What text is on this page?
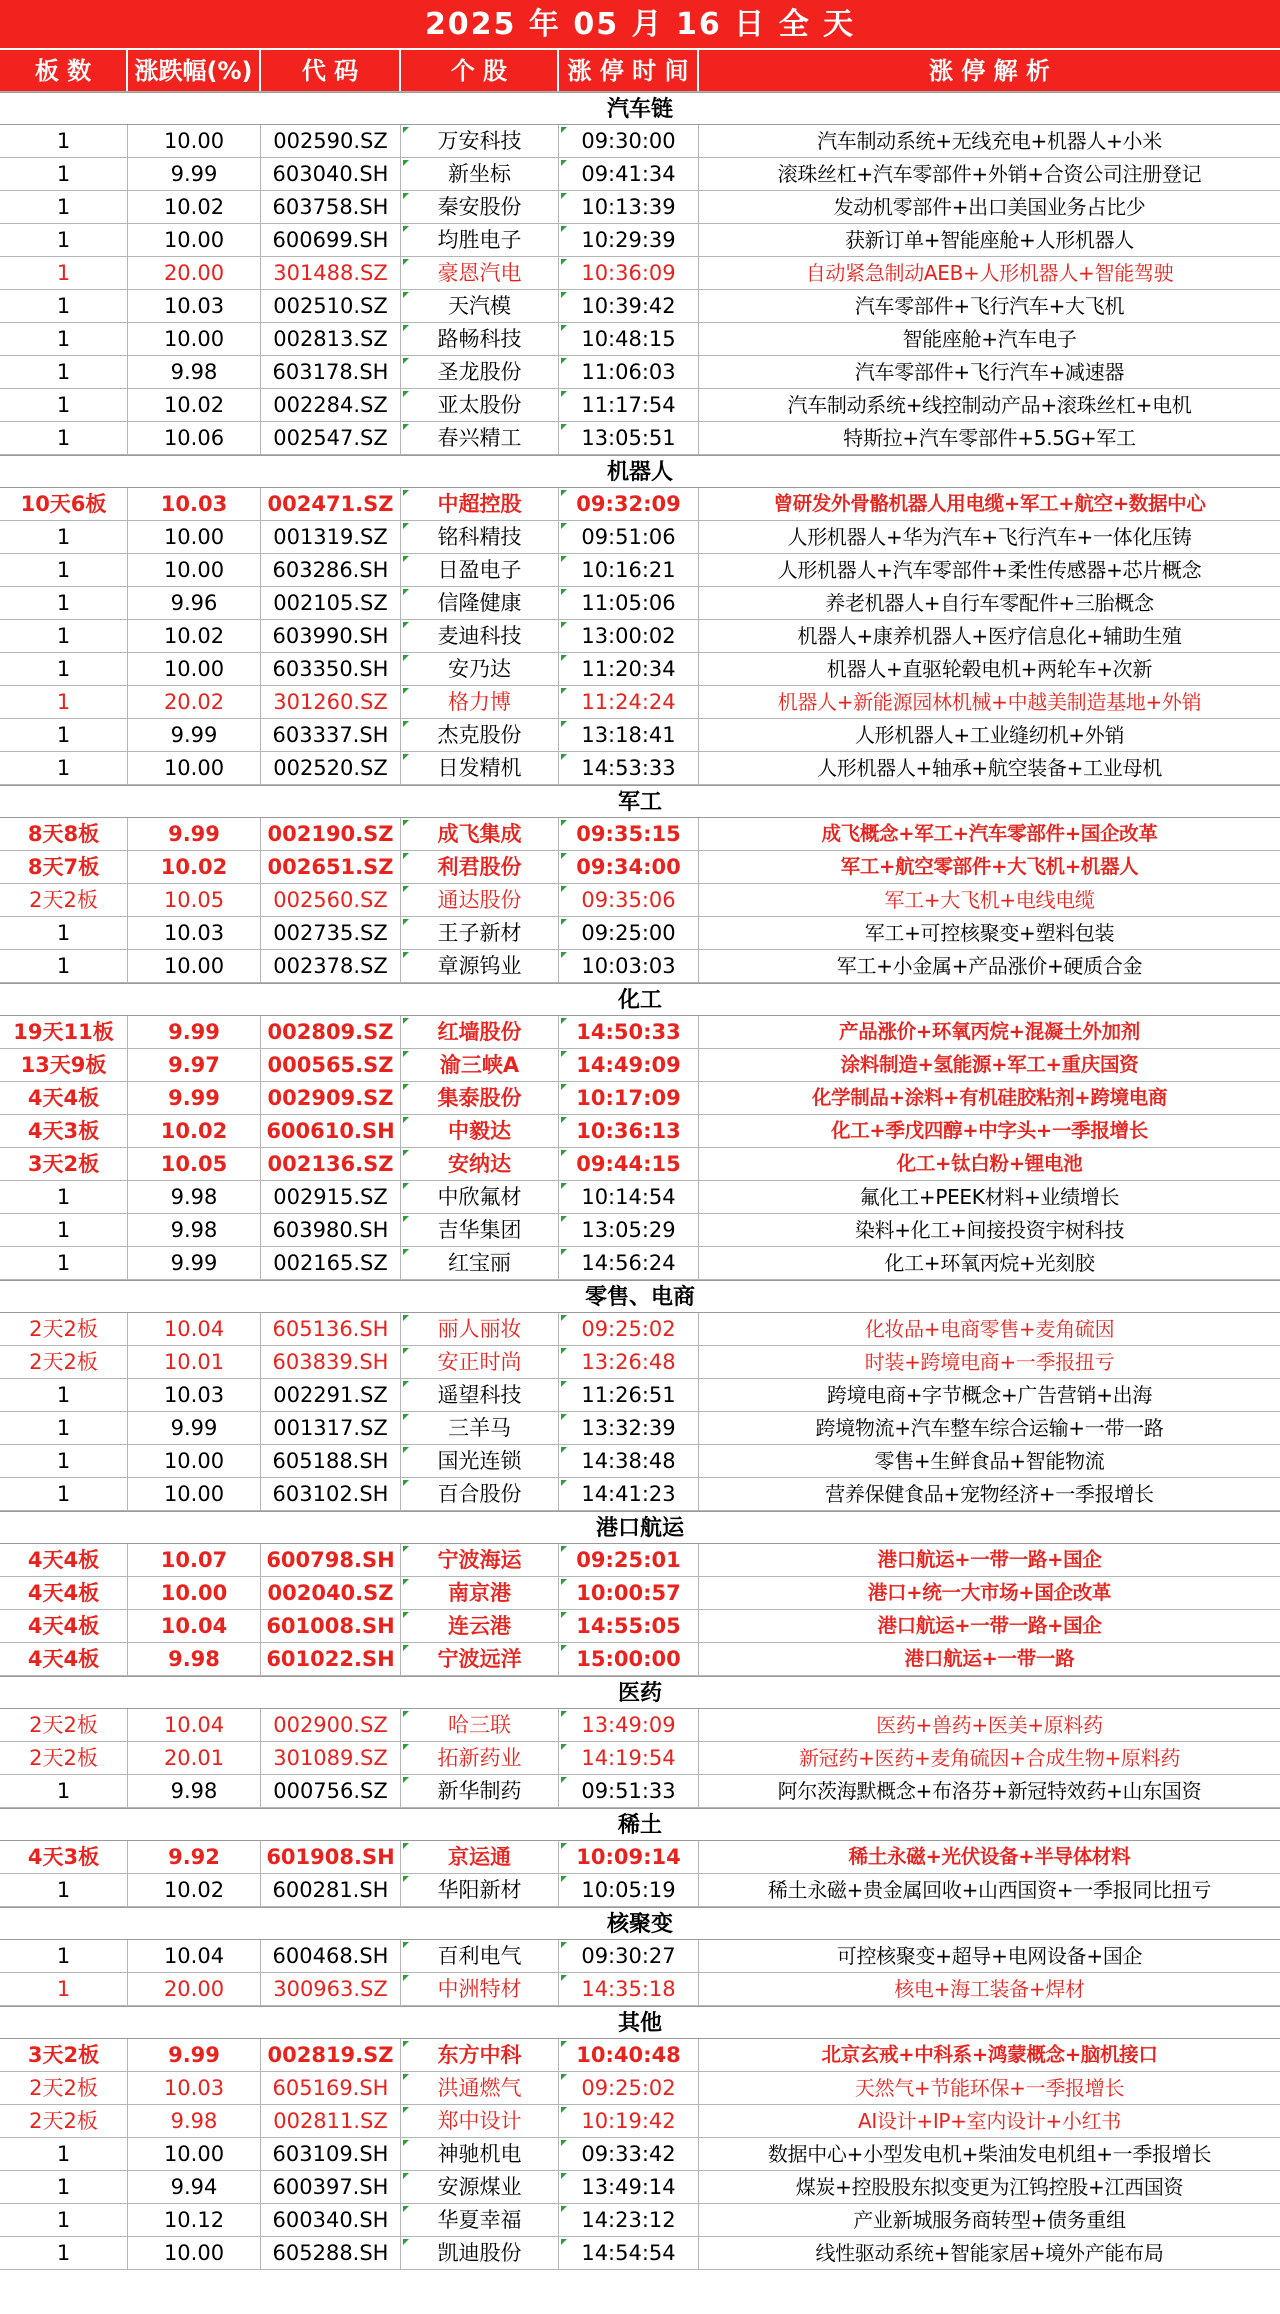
2025 年 05 月 16 日 全 天
板 数	涨跌幅(%)	代 码	个 股	涨 停 时 间	涨 停 解 析
汽车链
1	10.00	002590.SZ	万安科技	09:30:00	汽车制动系统+无线充电+机器人+小米
1	9.99	603040.SH	新坐标	09:41:34	滚珠丝杠+汽车零部件+外销+合资公司注册登记
1	10.02	603758.SH	秦安股份	10:13:39	发动机零部件+出口美国业务占比少
1	10.00	600699.SH	均胜电子	10:29:39	获新订单+智能座舱+人形机器人
1	20.00	301488.SZ	豪恩汽电	10:36:09	自动紧急制动AEB+人形机器人+智能驾驶
1	10.03	002510.SZ	天汽模	10:39:42	汽车零部件+飞行汽车+大飞机
1	10.00	002813.SZ	路畅科技	10:48:15	智能座舱+汽车电子
1	9.98	603178.SH	圣龙股份	11:06:03	汽车零部件+飞行汽车+减速器
1	10.02	002284.SZ	亚太股份	11:17:54	汽车制动系统+线控制动产品+滚珠丝杠+电机
1	10.06	002547.SZ	春兴精工	13:05:51	特斯拉+汽车零部件+5.5G+军工
机器人
10天6板	10.03	002471.SZ	中超控股	09:32:09	曾研发外骨骼机器人用电缆+军工+航空+数据中心
1	10.00	001319.SZ	铭科精技	09:51:06	人形机器人+华为汽车+飞行汽车+一体化压铸
1	10.00	603286.SH	日盈电子	10:16:21	人形机器人+汽车零部件+柔性传感器+芯片概念
1	9.96	002105.SZ	信隆健康	11:05:06	养老机器人+自行车零配件+三胎概念
1	10.02	603990.SH	麦迪科技	13:00:02	机器人+康养机器人+医疗信息化+辅助生殖
1	10.00	603350.SH	安乃达	11:20:34	机器人+直驱轮毂电机+两轮车+次新
1	20.02	301260.SZ	格力博	11:24:24	机器人+新能源园林机械+中越美制造基地+外销
1	9.99	603337.SH	杰克股份	13:18:41	人形机器人+工业缝纫机+外销
1	10.00	002520.SZ	日发精机	14:53:33	人形机器人+轴承+航空装备+工业母机
军工
8天8板	9.99	002190.SZ	成飞集成	09:35:15	成飞概念+军工+汽车零部件+国企改革
8天7板	10.02	002651.SZ	利君股份	09:34:00	军工+航空零部件+大飞机+机器人
2天2板	10.05	002560.SZ	通达股份	09:35:06	军工+大飞机+电线电缆
1	10.03	002735.SZ	王子新材	09:25:00	军工+可控核聚变+塑料包装
1	10.00	002378.SZ	章源钨业	10:03:03	军工+小金属+产品涨价+硬质合金
化工
19天11板	9.99	002809.SZ	红墙股份	14:50:33	产品涨价+环氧丙烷+混凝土外加剂
13天9板	9.97	000565.SZ	渝三峡A	14:49:09	涂料制造+氢能源+军工+重庆国资
4天4板	9.99	002909.SZ	集泰股份	10:17:09	化学制品+涂料+有机硅胶粘剂+跨境电商
4天3板	10.02	600610.SH	中毅达	10:36:13	化工+季戊四醇+中字头+一季报增长
3天2板	10.05	002136.SZ	安纳达	09:44:15	化工+钛白粉+锂电池
1	9.98	002915.SZ	中欣氟材	10:14:54	氟化工+PEEK材料+业绩增长
1	9.98	603980.SH	吉华集团	13:05:29	染料+化工+间接投资宇树科技
1	9.99	002165.SZ	红宝丽	14:56:24	化工+环氧丙烷+光刻胶
零售、电商
2天2板	10.04	605136.SH	丽人丽妆	09:25:02	化妆品+电商零售+麦角硫因
2天2板	10.01	603839.SH	安正时尚	13:26:48	时装+跨境电商+一季报扭亏
1	10.03	002291.SZ	遥望科技	11:26:51	跨境电商+字节概念+广告营销+出海
1	9.99	001317.SZ	三羊马	13:32:39	跨境物流+汽车整车综合运输+一带一路
1	10.00	605188.SH	国光连锁	14:38:48	零售+生鲜食品+智能物流
1	10.00	603102.SH	百合股份	14:41:23	营养保健食品+宠物经济+一季报增长
港口航运
4天4板	10.07	600798.SH	宁波海运	09:25:01	港口航运+一带一路+国企
4天4板	10.00	002040.SZ	南京港	10:00:57	港口+统一大市场+国企改革
4天4板	10.04	601008.SH	连云港	14:55:05	港口航运+一带一路+国企
4天4板	9.98	601022.SH	宁波远洋	15:00:00	港口航运+一带一路
医药
2天2板	10.04	002900.SZ	哈三联	13:49:09	医药+兽药+医美+原料药
2天2板	20.01	301089.SZ	拓新药业	14:19:54	新冠药+医药+麦角硫因+合成生物+原料药
1	9.98	000756.SZ	新华制药	09:51:33	阿尔茨海默概念+布洛芬+新冠特效药+山东国资
稀土
4天3板	9.92	601908.SH	京运通	10:09:14	稀土永磁+光伏设备+半导体材料
1	10.02	600281.SH	华阳新材	10:05:19	稀土永磁+贵金属回收+山西国资+一季报同比扭亏
核聚变
1	10.04	600468.SH	百利电气	09:30:27	可控核聚变+超导+电网设备+国企
1	20.00	300963.SZ	中洲特材	14:35:18	核电+海工装备+焊材
其他
3天2板	9.99	002819.SZ	东方中科	10:40:48	北京玄戒+中科系+鸿蒙概念+脑机接口
2天2板	10.03	605169.SH	洪通燃气	09:25:02	天然气+节能环保+一季报增长
2天2板	9.98	002811.SZ	郑中设计	10:19:42	AI设计+IP+室内设计+小红书
1	10.00	603109.SH	神驰机电	09:33:42	数据中心+小型发电机+柴油发电机组+一季报增长
1	9.94	600397.SH	安源煤业	13:49:14	煤炭+控股股东拟变更为江钨控股+江西国资
1	10.12	600340.SH	华夏幸福	14:23:12	产业新城服务商转型+债务重组
1	10.00	605288.SH	凯迪股份	14:54:54	线性驱动系统+智能家居+境外产能布局
